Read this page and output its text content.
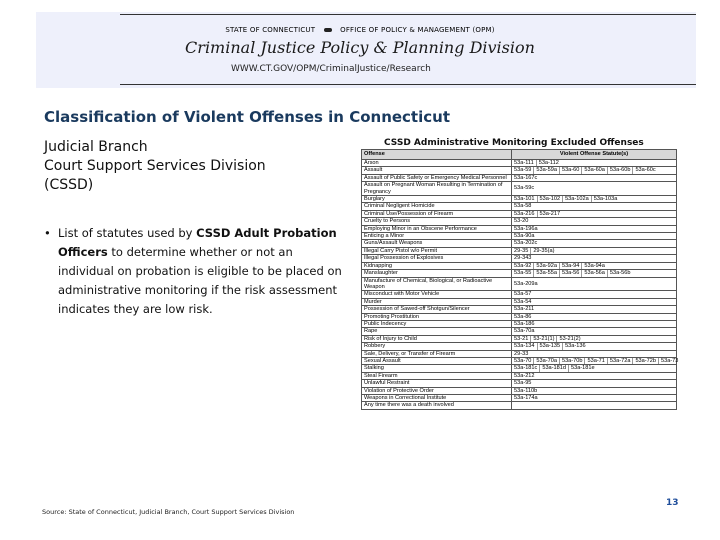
STATE OF CONNECTICUT	OFFICE OF POLICY & MANAGEMENT (OPM)
Criminal Justice Policy & Planning Division
WWW.CT.GOV/OPM/CriminalJustice/Research
Classification of Violent Offenses in Connecticut
Judicial Branch
Court Support Services Division
(CSSD)
• List of statutes used by CSSD Adult Probation Officers to determine whether or not an individual on probation is eligible to be placed on administrative monitoring if the risk assessment indicates they are low risk.
CSSD Administrative Monitoring Excluded Offenses
Offense	Violent Offense Statute(s)
Arson	53a-111 53a-112
Assault	53a-59 53a-59a 53a-60 53a-60a 53a-60b 53a-60c
Assault of Public Safety or Emergency Medical Personnel	53a-167c
Assault on Pregnant Woman Resulting in Termination of Pregnancy	53a-59c
Burglary	53a-101 53a-102 53a-102a 53a-103a
Criminal Negligent Homicide	53a-58
Criminal Use/Possession of Firearm	53a-216 53a-217
Cruelty to Persons	53-20
Employing Minor in an Obscene Performance	53a-196a
Enticing a Minor	53a-90a
Guns/Assault Weapons	53a-202c
Illegal Carry Pistol w/o Permit	29-35 29-35(a)
Illegal Possession of Explosives	29-343
Kidnapping	53a-92 53a-92a 53a-94 53a-94a
Manslaughter	53a-55 53a-55a 53a-56 53a-56a 53a-56b
Manufacture of Chemical, Biological, or Radioactive Weapon	53a-209a
Misconduct with Motor Vehicle	53a-57
Murder	53a-54
Possession of Sawed-off Shotgun/Silencer	53a-211
Promoting Prostitution	53a-86
Public Indecency	53a-186
Rape	53a-70a
Risk of Injury to Child	53-21 53-21(1) 53-21(2)
Robbery	53a-134 53a-135 53a-136
Sale, Delivery, or Transfer of Firearm	29-33
Sexual Assault	53a-70 53a-70a 53a-70b 53a-71 53a-72a 53a-72b 53a-73
Stalking	53a-181c 53a-181d 53a-181e
Steal Firearm	53a-212
Unlawful Restraint	53a-95
Violation of Protective Order	53a-110b
Weapons in Correctional Institute	53a-174a
Any time there was a death involved	
Source: State of Connecticut, Judicial Branch, Court Support Services Division
13
